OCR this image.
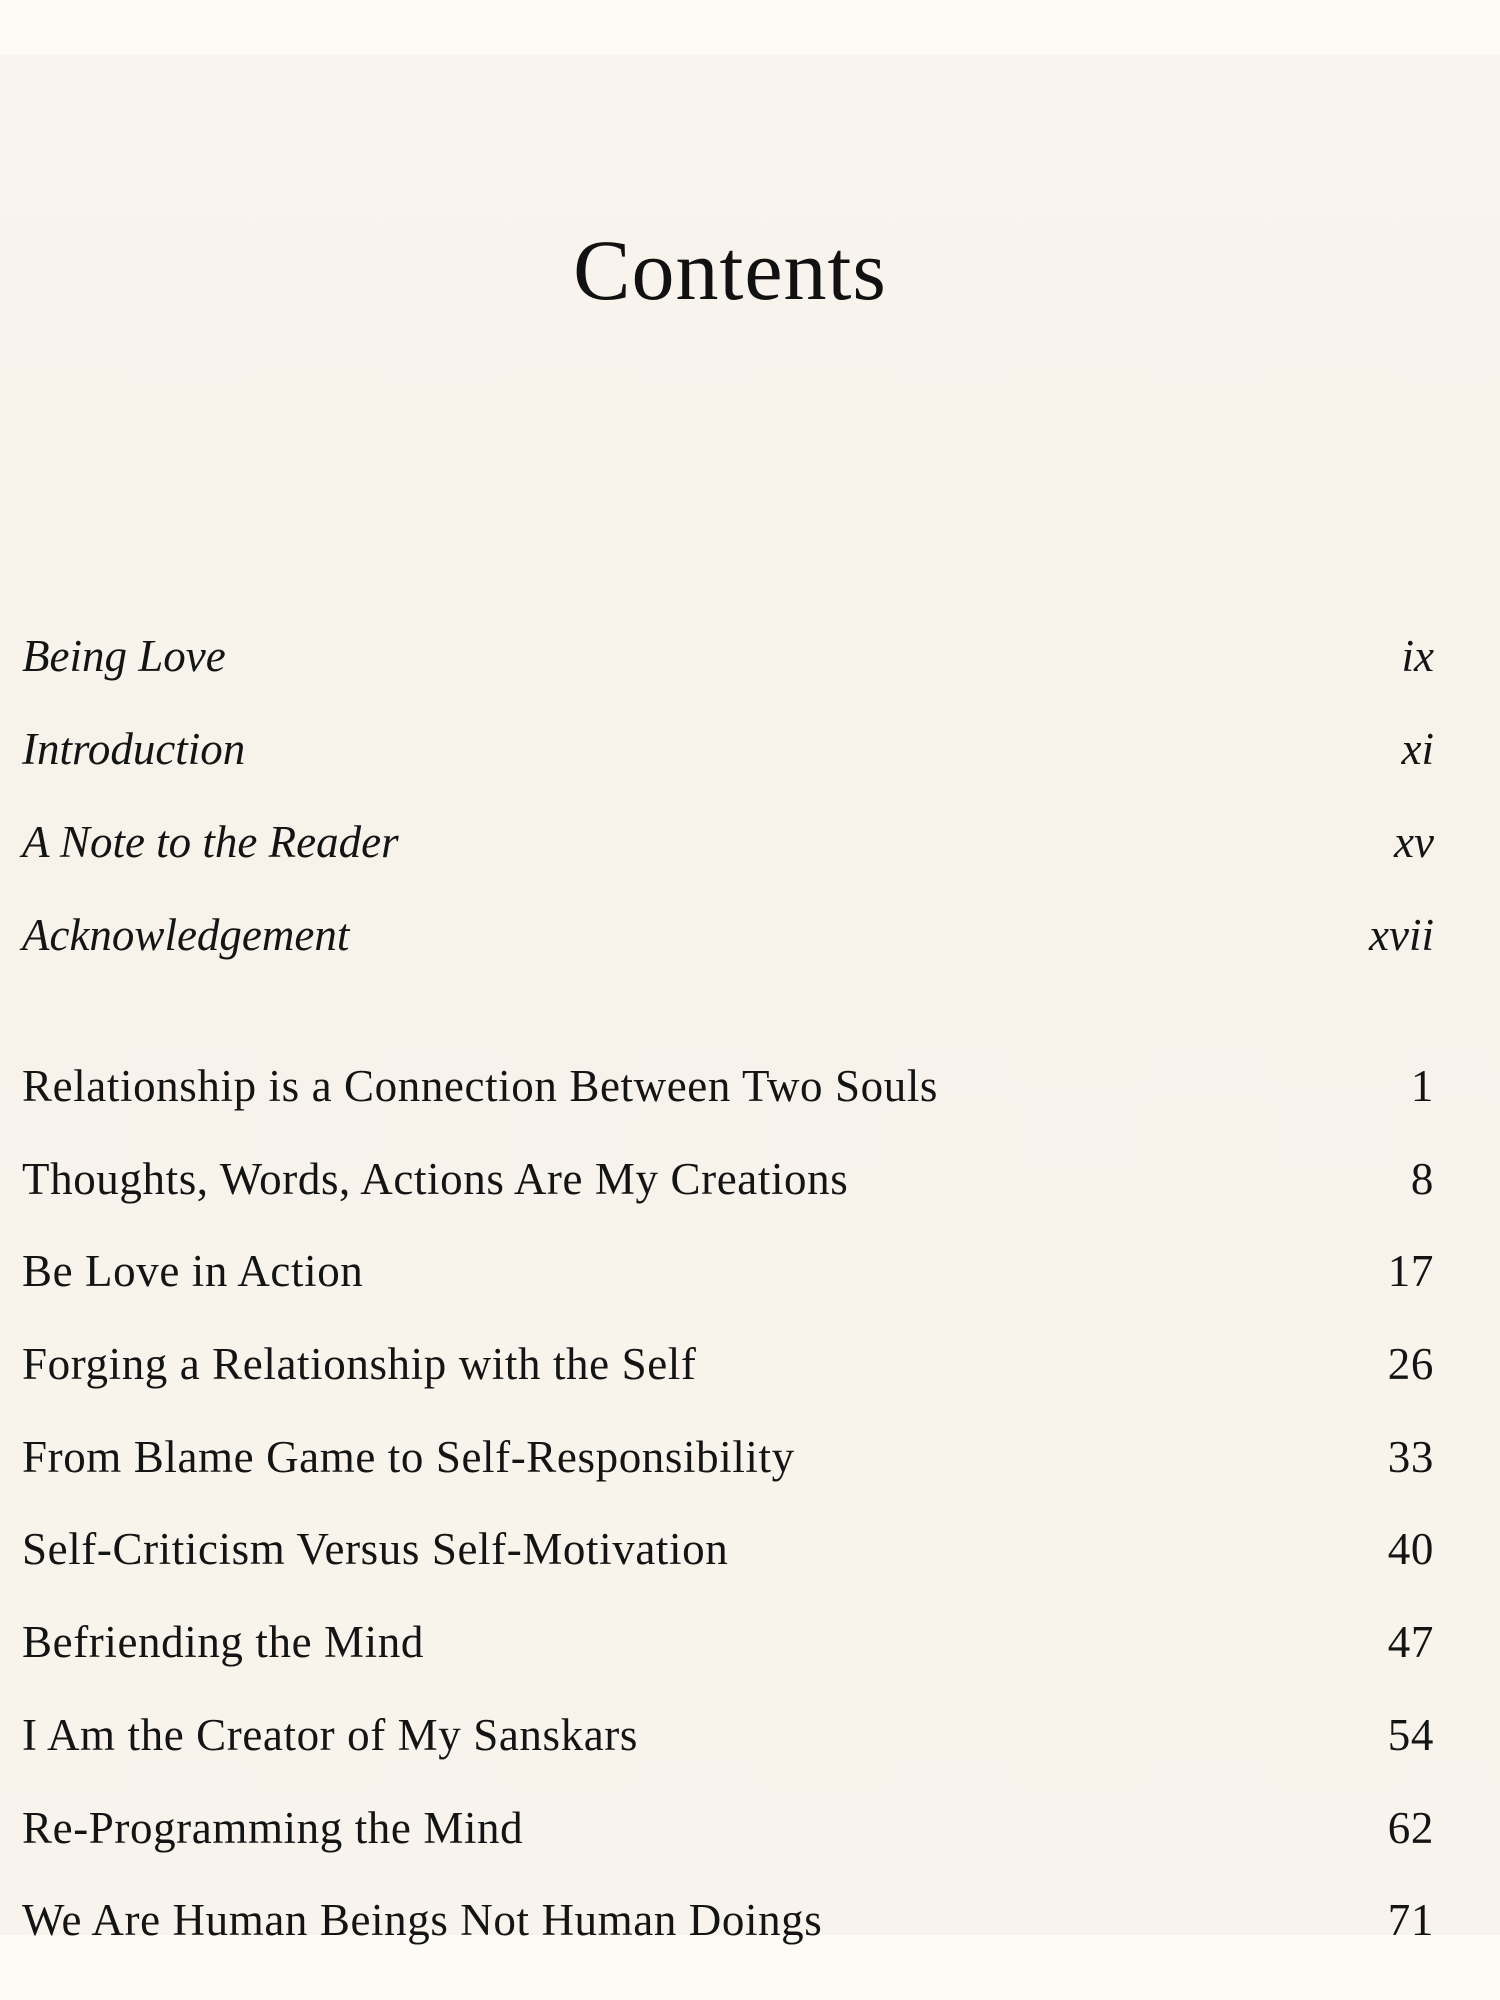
Contents
Being Love	ix
Introduction	xi
A Note to the Reader	xv
Acknowledgement	xvii
Relationship is a Connection Between Two Souls	1
Thoughts, Words, Actions Are My Creations	8
Be Love in Action	17
Forging a Relationship with the Self	26
From Blame Game to Self-Responsibility	33
Self-Criticism Versus Self-Motivation	40
Befriending the Mind	47
I Am the Creator of My Sanskars	54
Re-Programming the Mind	62
We Are Human Beings Not Human Doings	71
